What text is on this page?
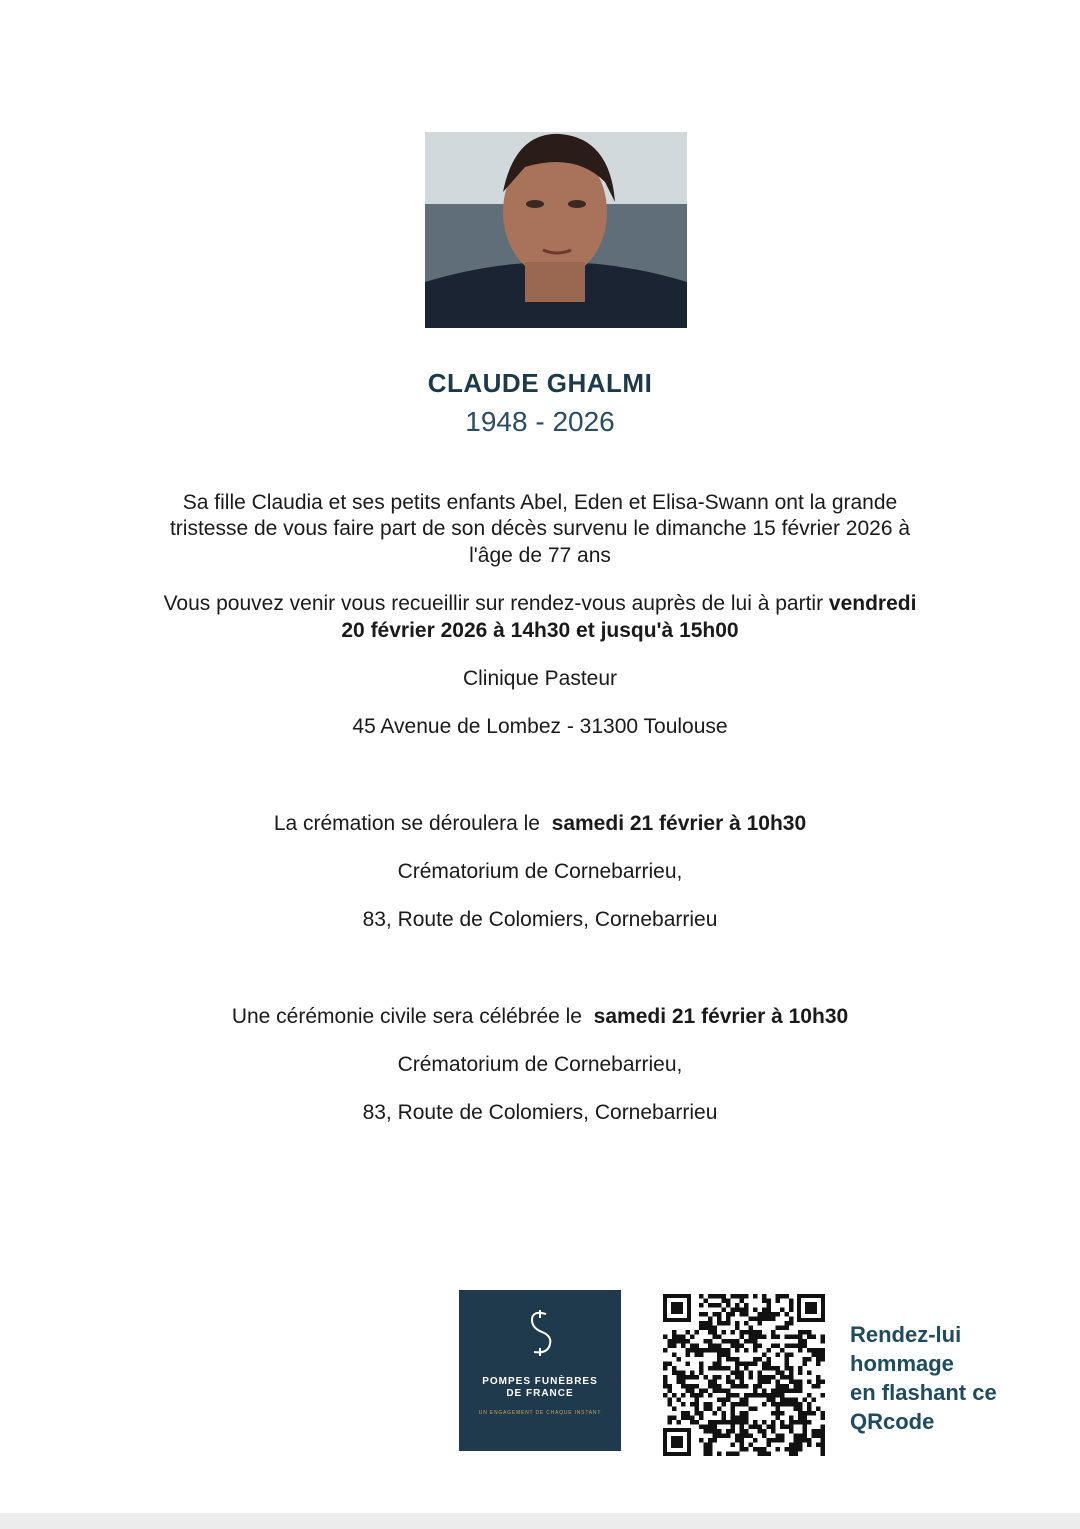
CLAUDE GHALMI
1948 - 2026
Sa fille Claudia et ses petits enfants Abel, Eden et Elisa-Swann ont la grande
tristesse de vous faire part de son décès survenu le dimanche 15 février 2026 à
l'âge de 77 ans
Vous pouvez venir vous recueillir sur rendez-vous auprès de lui à partir vendredi
20 février 2026 à 14h30 et jusqu'à 15h00
Clinique Pasteur
45 Avenue de Lombez - 31300 Toulouse
La crémation se déroulera le  samedi 21 février à 10h30
Crématorium de Cornebarrieu,
83, Route de Colomiers, Cornebarrieu
Une cérémonie civile sera célébrée le  samedi 21 février à 10h30
Crématorium de Cornebarrieu,
83, Route de Colomiers, Cornebarrieu
POMPES FUNÈBRES
DE FRANCE
UN ENGAGEMENT DE CHAQUE INSTANT
Rendez-lui
hommage
en flashant ce
QRcode
